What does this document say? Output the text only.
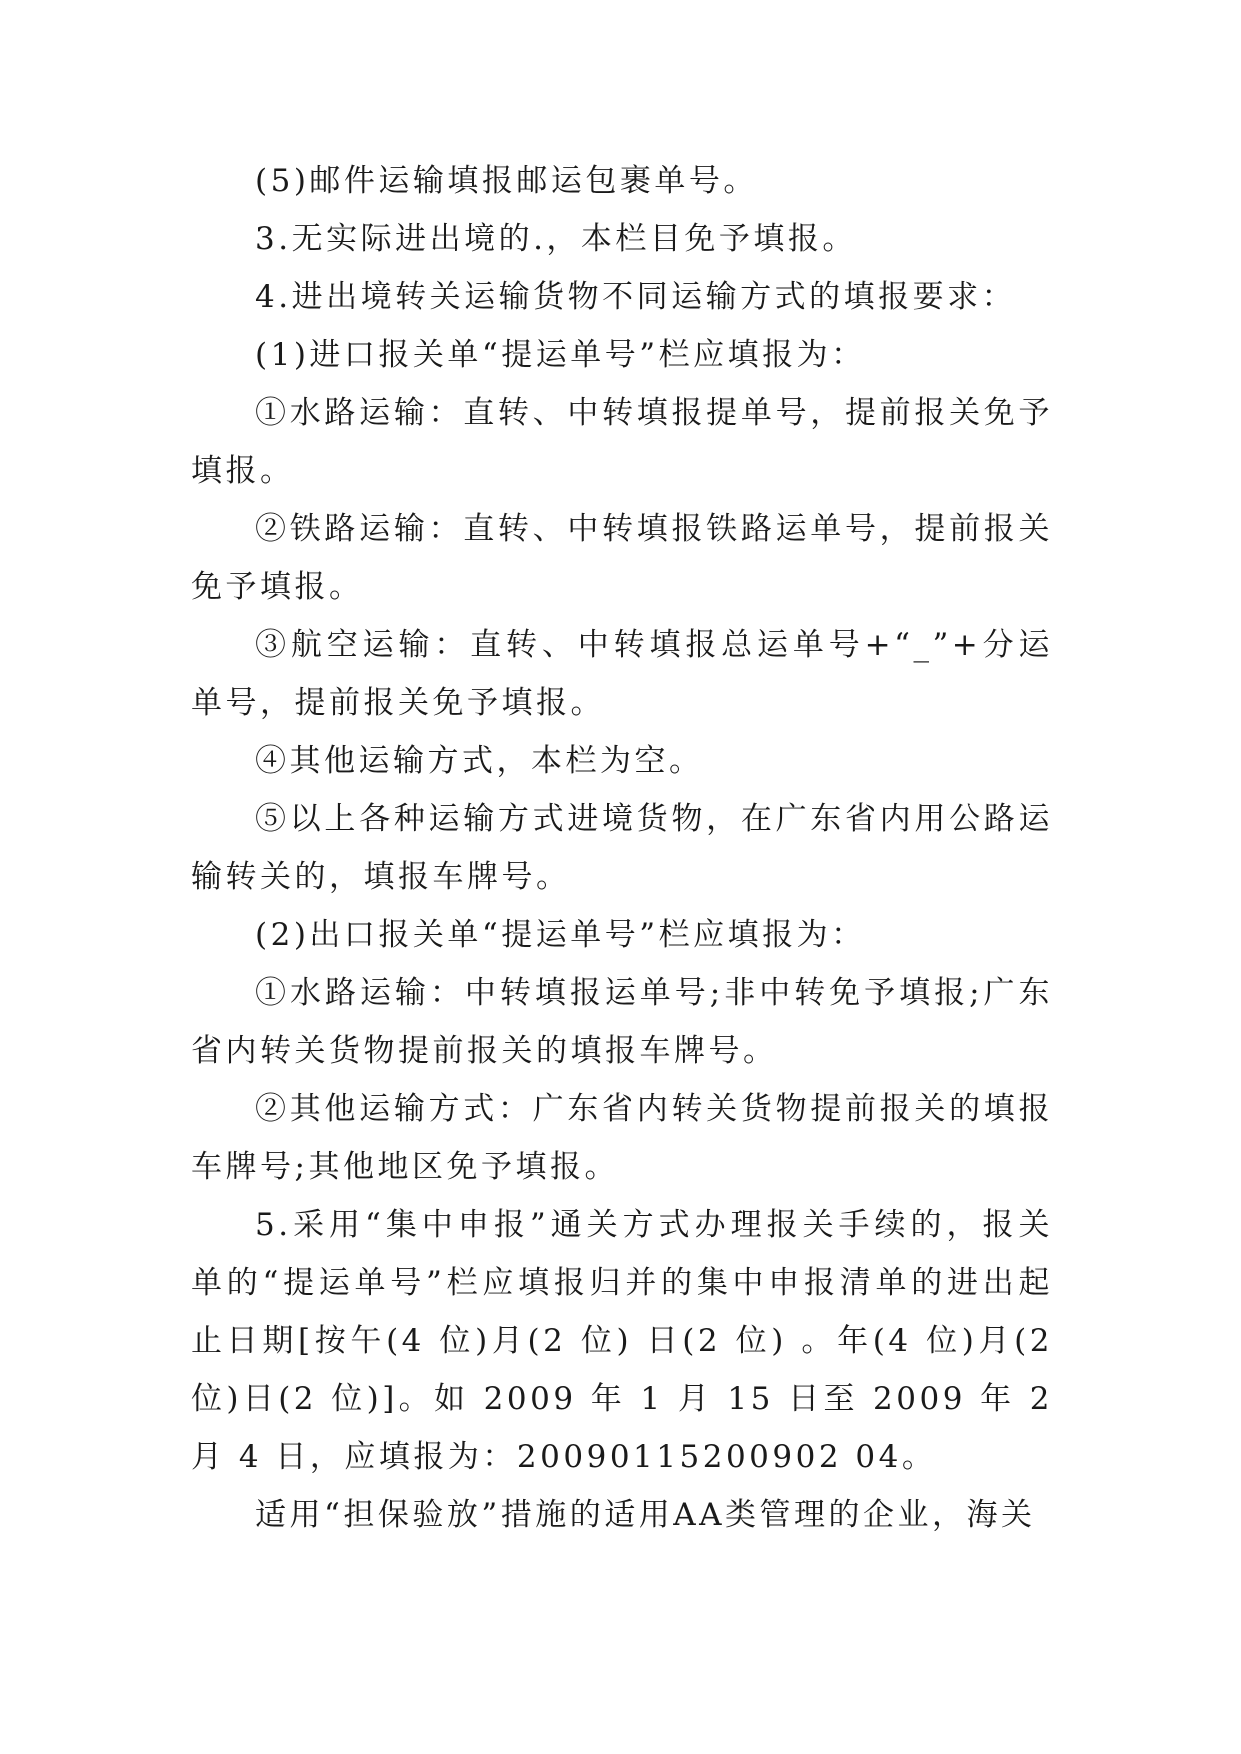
(5)邮件运输填报邮运包裹单号。

3.无实际进出境的.，本栏目免予填报。

4.进出境转关运输货物不同运输方式的填报要求：

(1)进口报关单“提运单号”栏应填报为：

①水路运输：直转、中转填报提单号，提前报关免予填报。

②铁路运输：直转、中转填报铁路运单号，提前报关免予填报。

③航空运输：直转、中转填报总运单号+“_”+分运单号，提前报关免予填报。

④其他运输方式，本栏为空。

⑤以上各种运输方式进境货物，在广东省内用公路运输转关的，填报车牌号。

(2)出口报关单“提运单号”栏应填报为：

①水路运输：中转填报运单号;非中转免予填报;广东省内转关货物提前报关的填报车牌号。

②其他运输方式：广东省内转关货物提前报关的填报车牌号;其他地区免予填报。

5.采用“集中申报”通关方式办理报关手续的，报关单的“提运单号”栏应填报归并的集中申报清单的进出起止日期[按午(4 位)月(2 位) 日(2 位) 。年(4 位)月(2 位)日(2 位)]。如 2009 年 1 月 15 日至 2009 年 2 月 4 日，应填报为：20090115200902 04。

适用“担保验放”措施的适用AA类管理的企业，海关
